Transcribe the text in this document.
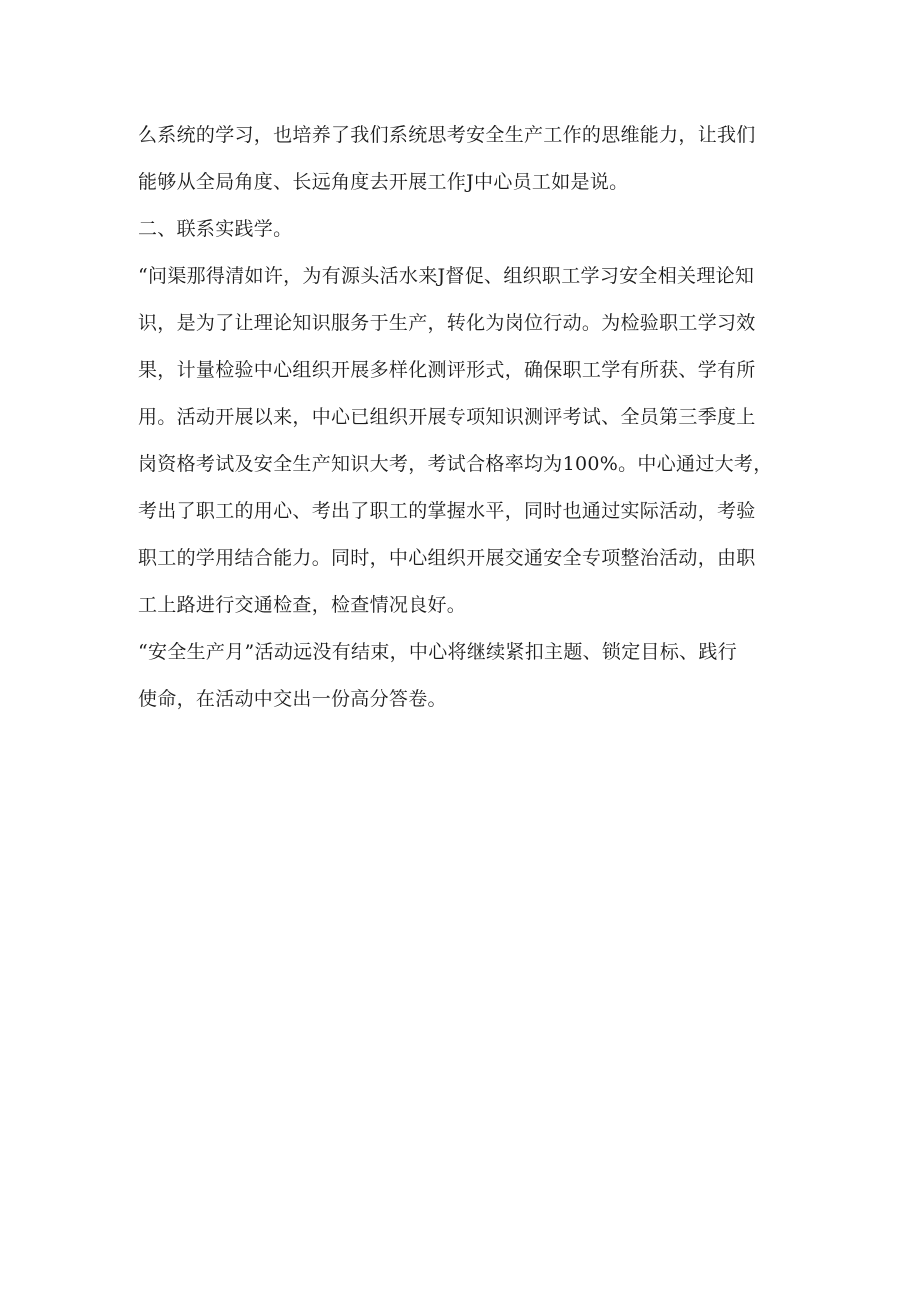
么系统的学习，也培养了我们系统思考安全生产工作的思维能力，让我们
能够从全局角度、长远角度去开展工作J中心员工如是说。
二、联系实践学。
“问渠那得清如许，为有源头活水来J督促、组织职工学习安全相关理论知
识，是为了让理论知识服务于生产，转化为岗位行动。为检验职工学习效
果，计量检验中心组织开展多样化测评形式，确保职工学有所获、学有所
用。活动开展以来，中心已组织开展专项知识测评考试、全员第三季度上
岗资格考试及安全生产知识大考，考试合格率均为100%。中心通过大考，
考出了职工的用心、考出了职工的掌握水平，同时也通过实际活动，考验
职工的学用结合能力。同时，中心组织开展交通安全专项整治活动，由职
工上路进行交通检查，检查情况良好。
“安全生产月”活动远没有结束，中心将继续紧扣主题、锁定目标、践行
使命，在活动中交出一份高分答卷。
